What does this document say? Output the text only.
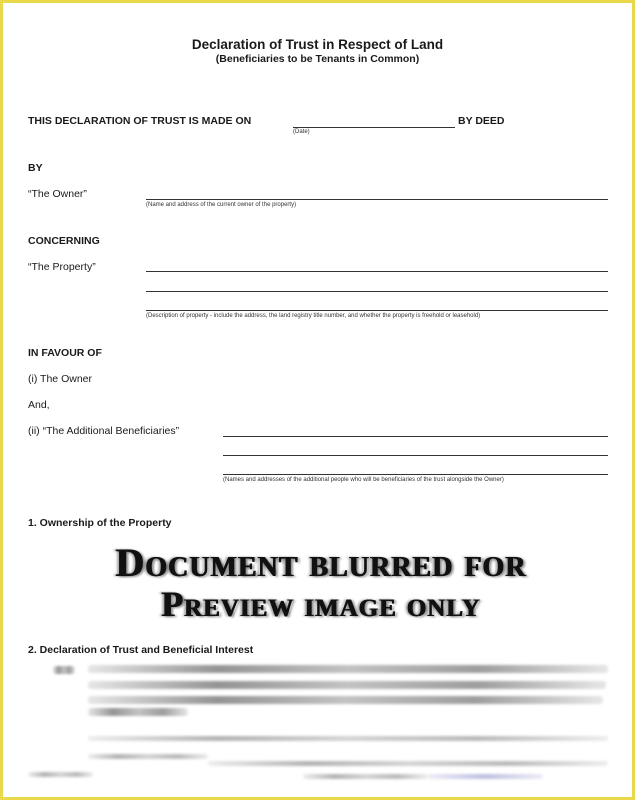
Declaration of Trust in Respect of Land
(Beneficiaries to be Tenants in Common)
THIS DECLARATION OF TRUST IS MADE ON
(Date)
BY DEED
BY
“The Owner”
(Name and address of the current owner of the property)
CONCERNING
“The Property”
(Description of property - include the address, the land registry title number, and whether the property is freehold or leasehold)
IN FAVOUR OF
(i) The Owner
And,
(ii) “The Additional Beneficiaries”
(Names and addresses of the additional people who will be beneficiaries of the trust alongside the Owner)
1. Ownership of the Property
Document blurred for
Preview image only
2. Declaration of Trust and Beneficial Interest
